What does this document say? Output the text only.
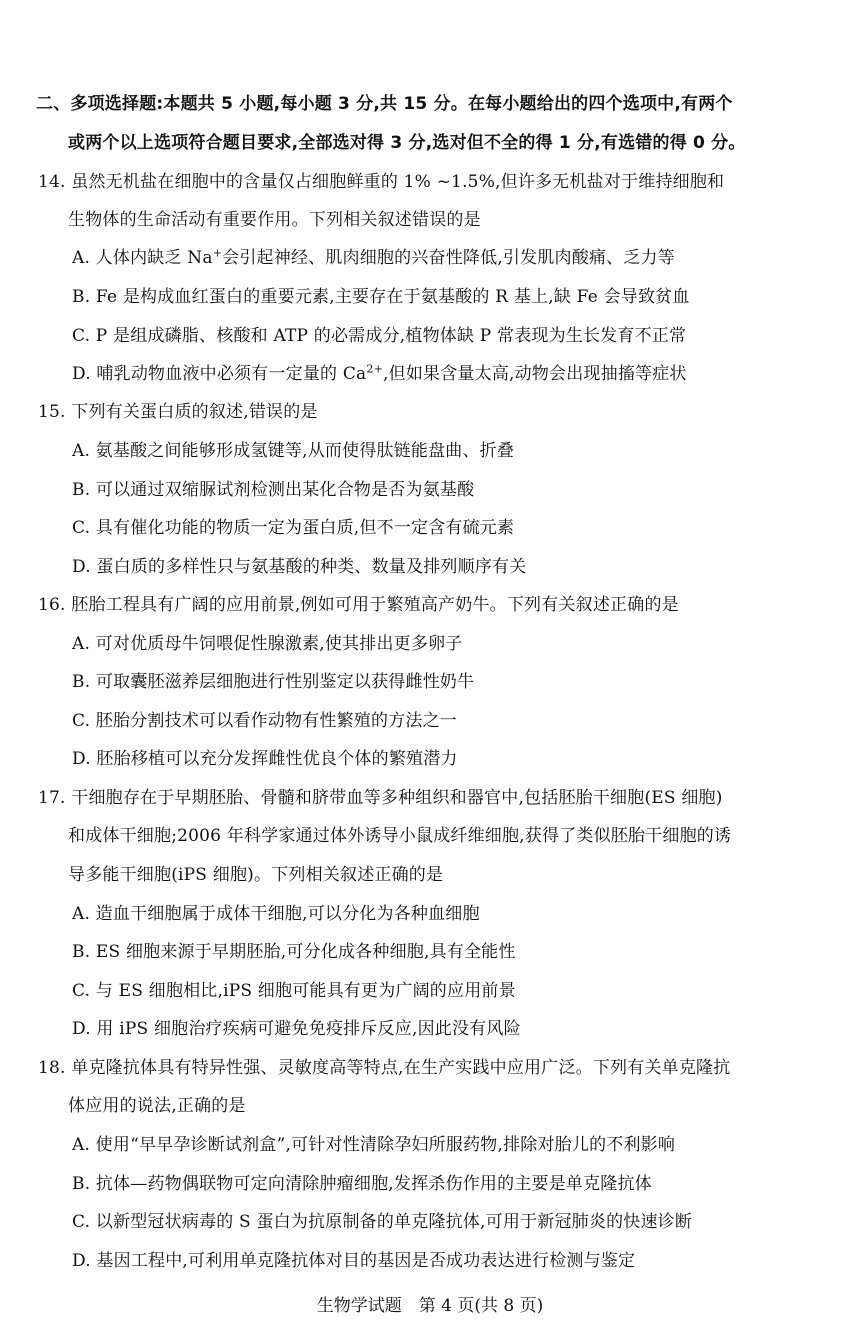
二、多项选择题:本题共 5 小题,每小题 3 分,共 15 分。在每小题给出的四个选项中,有两个
或两个以上选项符合题目要求,全部选对得 3 分,选对但不全的得 1 分,有选错的得 0 分。
14. 虽然无机盐在细胞中的含量仅占细胞鲜重的 1% ~1.5%,但许多无机盐对于维持细胞和
生物体的生命活动有重要作用。下列相关叙述错误的是
A. 人体内缺乏 Na+会引起神经、肌肉细胞的兴奋性降低,引发肌肉酸痛、乏力等
B. Fe 是构成血红蛋白的重要元素,主要存在于氨基酸的 R 基上,缺 Fe 会导致贫血
C. P 是组成磷脂、核酸和 ATP 的必需成分,植物体缺 P 常表现为生长发育不正常
D. 哺乳动物血液中必须有一定量的 $Ca^{2+}$,但如果含量太高,动物会出现抽搐等症状
15. 下列有关蛋白质的叙述,错误的是
A. 氨基酸之间能够形成氢键等,从而使得肽链能盘曲、折叠
B. 可以通过双缩脲试剂检测出某化合物是否为氨基酸
C. 具有催化功能的物质一定为蛋白质,但不一定含有硫元素
D. 蛋白质的多样性只与氨基酸的种类、数量及排列顺序有关
16. 胚胎工程具有广阔的应用前景,例如可用于繁殖高产奶牛。下列有关叙述正确的是
A. 可对优质母牛饲喂促性腺激素,使其排出更多卵子
B. 可取囊胚滋养层细胞进行性别鉴定以获得雌性奶牛
C. 胚胎分割技术可以看作动物有性繁殖的方法之一
D. 胚胎移植可以充分发挥雌性优良个体的繁殖潜力
17. 干细胞存在于早期胚胎、骨髓和脐带血等多种组织和器官中,包括胚胎干细胞(ES 细胞)
和成体干细胞;2006 年科学家通过体外诱导小鼠成纤维细胞,获得了类似胚胎干细胞的诱
导多能干细胞(iPS 细胞)。下列相关叙述正确的是
A. 造血干细胞属于成体干细胞,可以分化为各种血细胞
B. ES 细胞来源于早期胚胎,可分化成各种细胞,具有全能性
C. 与 ES 细胞相比,iPS 细胞可能具有更为广阔的应用前景
D. 用 iPS 细胞治疗疾病可避免免疫排斥反应,因此没有风险
18. 单克隆抗体具有特异性强、灵敏度高等特点,在生产实践中应用广泛。下列有关单克隆抗
体应用的说法,正确的是
A. 使用“早早孕诊断试剂盒”,可针对性清除孕妇所服药物,排除对胎儿的不利影响
B. 抗体—药物偶联物可定向清除肿瘤细胞,发挥杀伤作用的主要是单克隆抗体
C. 以新型冠状病毒的 S 蛋白为抗原制备的单克隆抗体,可用于新冠肺炎的快速诊断
D. 基因工程中,可利用单克隆抗体对目的基因是否成功表达进行检测与鉴定
生物学试题　第 4 页(共 8 页)
